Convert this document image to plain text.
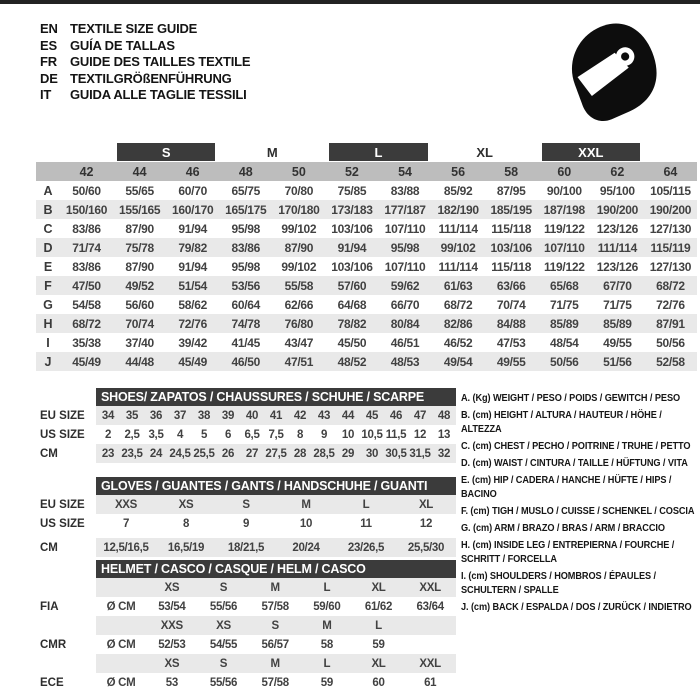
EN TEXTILE SIZE GUIDE
ES	GUÍA DE TALLAS
FR	GUIDE DES TAILLES TEXTILE
DE TEXTILGRÖßENFÜHRUNG
IT	GUIDA ALLE TAGLIE TESSILI
S	M	L	XL	XXL
42	44	46	48	50	52	54	56	58	60	62	64
A	50/60	55/65	60/70	65/75	70/80	75/85	83/88	85/92	87/95	90/100	95/100	105/115
B	150/160 155/165 160/170 165/175 170/180 173/183 177/187 182/190 185/195 187/198 190/200 190/200
C	83/86	87/90	91/94	95/98	99/102	103/106	107/110	111/114	115/118	119/122	123/126 127/130
D	71/74	75/78	79/82	83/86	87/90	91/94	95/98	99/102	103/106	107/110	111/114	115/119
E	83/86	87/90	91/94	95/98	99/102	103/106	107/110	111/114	115/118	119/122	123/126 127/130
F	47/50	49/52	51/54	53/56	55/58	57/60	59/62	61/63	63/66	65/68	67/70	68/72
G	54/58	56/60	58/62	60/64	62/66	64/68	66/70	68/72	70/74	71/75	71/75	72/76
H	68/72	70/74	72/76	74/78	76/80	78/82	80/84	82/86	84/88	85/89	85/89	87/91
I	35/38	37/40	39/42	41/45	43/47	45/50	46/51	46/52	47/53	48/54	49/55	50/56
J	45/49	44/48	45/49	46/50	47/51	48/52	48/53	49/54	49/55	50/56	51/56	52/58
SHOES/ ZAPATOS / CHAUSSURES / SCHUHE / SCARPE
EU SIZE	34	35	36	37	38	39	40	41	42	43	44	45	46	47	48
US SIZE	2	2,5 3,5	4	5	6	6,5 7,5	8	9	10 10,5 11,5 12	13
CM	23 23,5 24 24,5 25,5 26	27 27,5 28 28,5 29	30 30,5 31,5 32
GLOVES / GUANTES / GANTS / HANDSCHUHE / GUANTI
EU SIZE	XXS	XS	S	M	L	XL
US SIZE	7	8	9	10	11	12
CM	12,5/16,5	16,5/19	18/21,5	20/24	23/26,5	25,5/30
HELMET / CASCO / CASQUE / HELM / CASCO
XS	S	M	L	XL	XXL
FIA	Ø CM	53/54	55/56	57/58	59/60	61/62	63/64
XXS	XS	S	M	L
CMR	Ø CM	52/53	54/55	56/57	58	59
XS	S	M	L	XL	XXL
ECE	Ø CM	53	55/56	57/58	59	60	61
A. (Kg) WEIGHT / PESO / POIDS / GEWITCH / PESO
B. (cm) HEIGHT / ALTURA / HAUTEUR / HÖHE / ALTEZZA
C. (cm) CHEST / PECHO / POITRINE / TRUHE / PETTO
D. (cm) WAIST / CINTURA / TAILLE / HÜFTUNG / VITA
E. (cm) HIP / CADERA / HANCHE / HÜFTE / HIPS / BACINO
F. (cm) TIGH / MUSLO / CUISSE / SCHENKEL / COSCIA
G. (cm) ARM / BRAZO / BRAS / ARM / BRACCIO
H. (cm) INSIDE LEG / ENTREPIERNA / FOURCHE / SCHRITT / FORCELLA
I. (cm) SHOULDERS / HOMBROS / ÉPAULES / SCHULTERN / SPALLE
J. (cm) BACK / ESPALDA / DOS / ZURÜCK / INDIETRO
